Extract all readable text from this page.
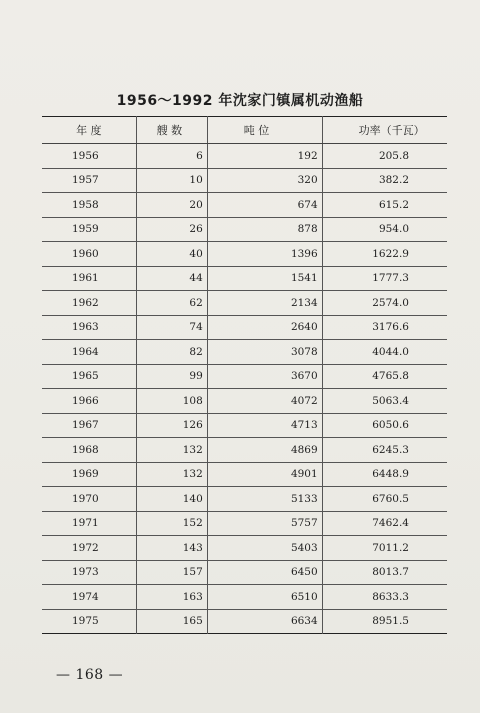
1956～1992 年沈家门镇属机动渔船
年 度	艘 数	吨 位	功率（千瓦）
1956	6	192	205.8
1957	10	320	382.2
1958	20	674	615.2
1959	26	878	954.0
1960	40	1396	1622.9
1961	44	1541	1777.3
1962	62	2134	2574.0
1963	74	2640	3176.6
1964	82	3078	4044.0
1965	99	3670	4765.8
1966	108	4072	5063.4
1967	126	4713	6050.6
1968	132	4869	6245.3
1969	132	4901	6448.9
1970	140	5133	6760.5
1971	152	5757	7462.4
1972	143	5403	7011.2
1973	157	6450	8013.7
1974	163	6510	8633.3
1975	165	6634	8951.5
— 168 —
